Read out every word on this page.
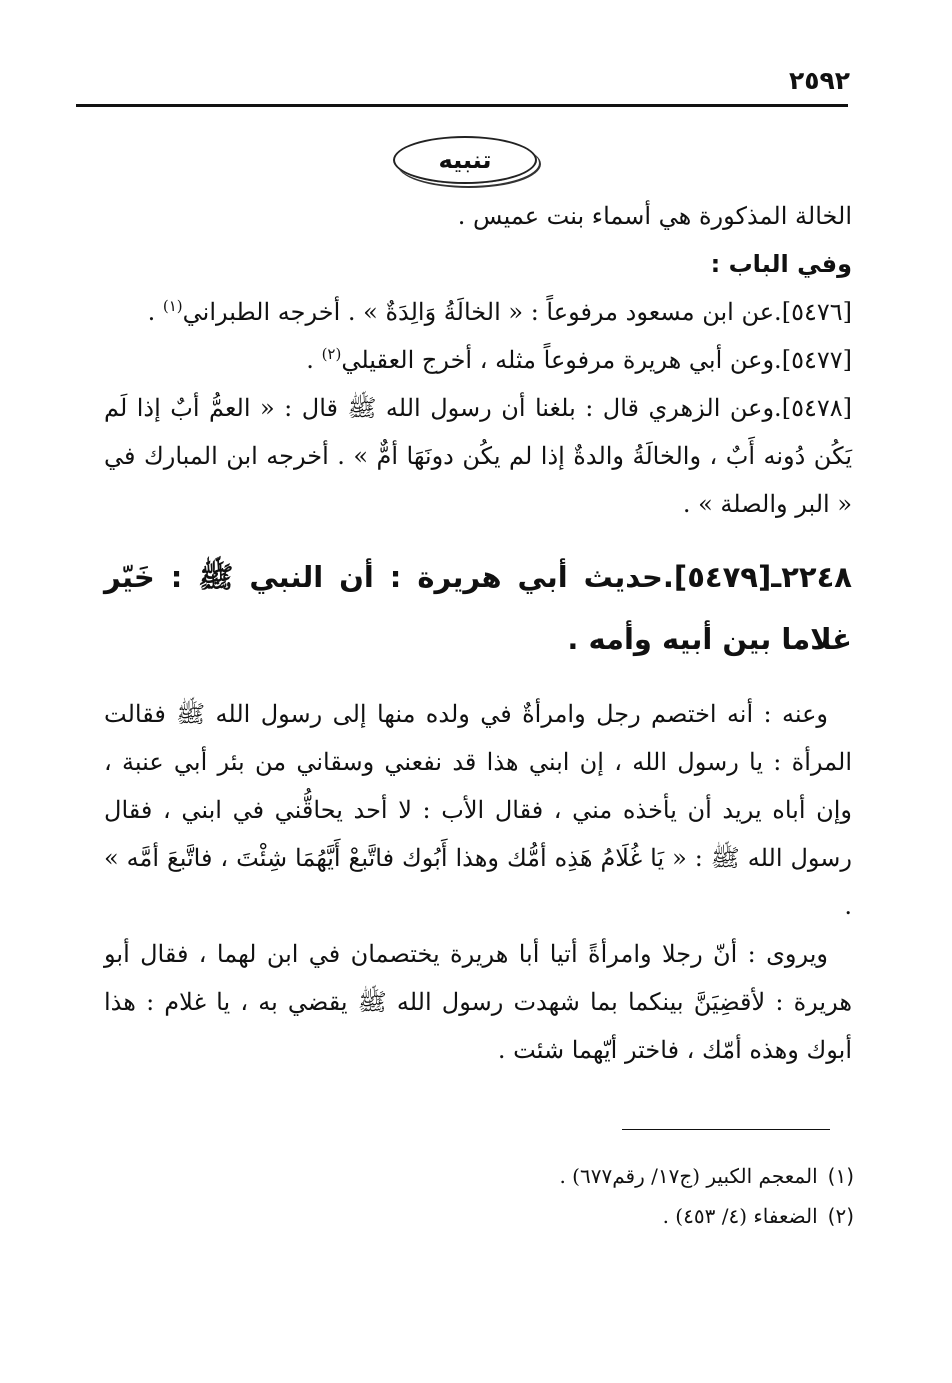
٢٥٩٢
تنبيه

الخالة المذكورة هي أسماء بنت عميس .

وفي الباب :

[٥٤٧٦].عن ابن مسعود مرفوعاً : « الخالَةُ وَالِدَةٌ » . أخرجه الطبراني$^{(١)}$ .

[٥٤٧٧].وعن أبي هريرة مرفوعاً مثله ، أخرج العقيلي$^{(٢)}$ .

[٥٤٧٨].وعن الزهري قال : بلغنا أن رسول الله ﷺ قال : « العمُّ أبٌ إذا لَم يَكُن دُونه أَبٌ ، والخالَةُ والدةٌ إذا لم يكُن دونَهَا أمٌّ » . أخرجه ابن المبارك في « البر والصلة » .

٢٢٤٨ـ[٥٤٧٩].حديث أبي هريرة : أن النبي ﷺ : خَيّر غلاما بين أبيه وأمه .

وعنه : أنه اختصم رجل وامرأةٌ في ولده منها إلى رسول الله ﷺ فقالت المرأة : يا رسول الله ، إن ابني هذا قد نفعني وسقاني من بئر أبي عنبة ، وإن أباه يريد أن يأخذه مني ، فقال الأب : لا أحد يحاقُّني في ابني ، فقال رسول الله ﷺ : « يَا غُلَامُ هَذِه أمُّك وهذا أَبُوك فاتَّبعْ أَيَّهُمَا شِئْتَ ، فاتَّبعَ أمَّه » .

ويروى : أنّ رجلا وامرأةً أتيا أبا هريرة يختصمان في ابن لهما ، فقال أبو هريرة : لأقضِيَنَّ بينكما بما شهدت رسول الله ﷺ يقضي به ، يا غلام : هذا أبوك وهذه أمّك ، فاختر أيّهما شئت .

(١)المعجم الكبير (ج١٧/ رقم٦٧٧) .

(٢)الضعفاء (٤/ ٤٥٣) .
